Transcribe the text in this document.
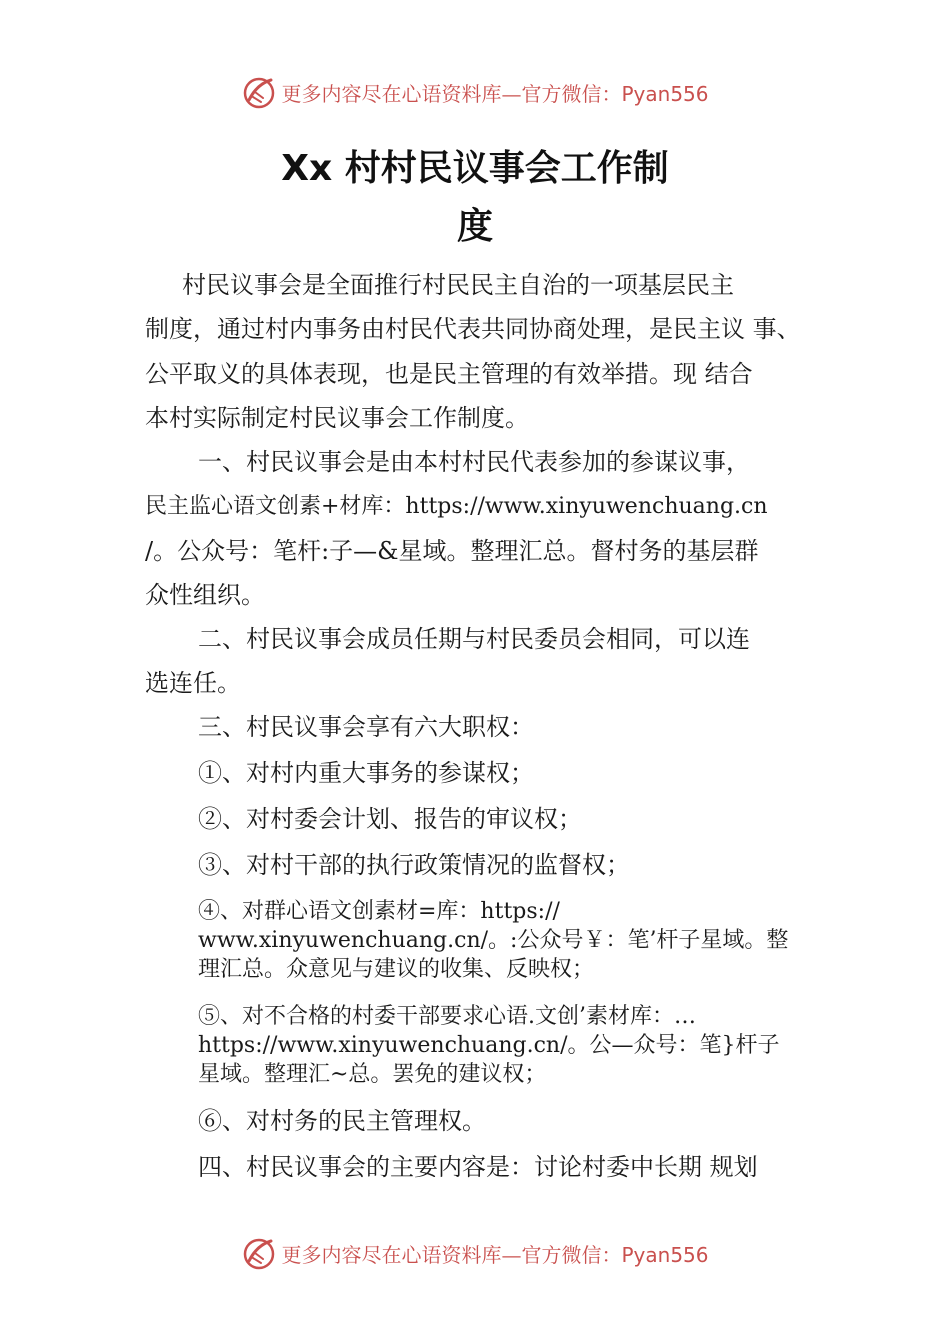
更多内容尽在心语资料库—官方微信：Pyan556
Xx 村村民议事会工作制
度
村民议事会是全面推行村民民主自治的一项基层民主
制度，通过村内事务由村民代表共同协商处理，是民主议 事、
公平取义的具体表现，也是民主管理的有效举措。现 结合
本村实际制定村民议事会工作制度。
一、村民议事会是由本村村民代表参加的参谋议事，
民主监心语文创素+材库：https://www.xinyuwenchuang.cn
/。公众号：笔杆:子—&星域。整理汇总。督村务的基层群
众性组织。
二、村民议事会成员任期与村民委员会相同，可以连
选连任。
三、村民议事会享有六大职权：
①、对村内重大事务的参谋权；
②、对村委会计划、报告的审议权；
③、对村干部的执行政策情况的监督权；
④、对群心语文创素材=库：https://
www.xinyuwenchuang.cn/。:公众号￥：笔’杆子星域。整
理汇总。众意见与建议的收集、反映权；
⑤、对不合格的村委干部要求心语.文创’素材库：…
https://www.xinyuwenchuang.cn/。公—众号：笔}杆子
星域。整理汇~总。罢免的建议权；
⑥、对村务的民主管理权。
四、村民议事会的主要内容是：讨论村委中长期 规划
更多内容尽在心语资料库—官方微信：Pyan556
